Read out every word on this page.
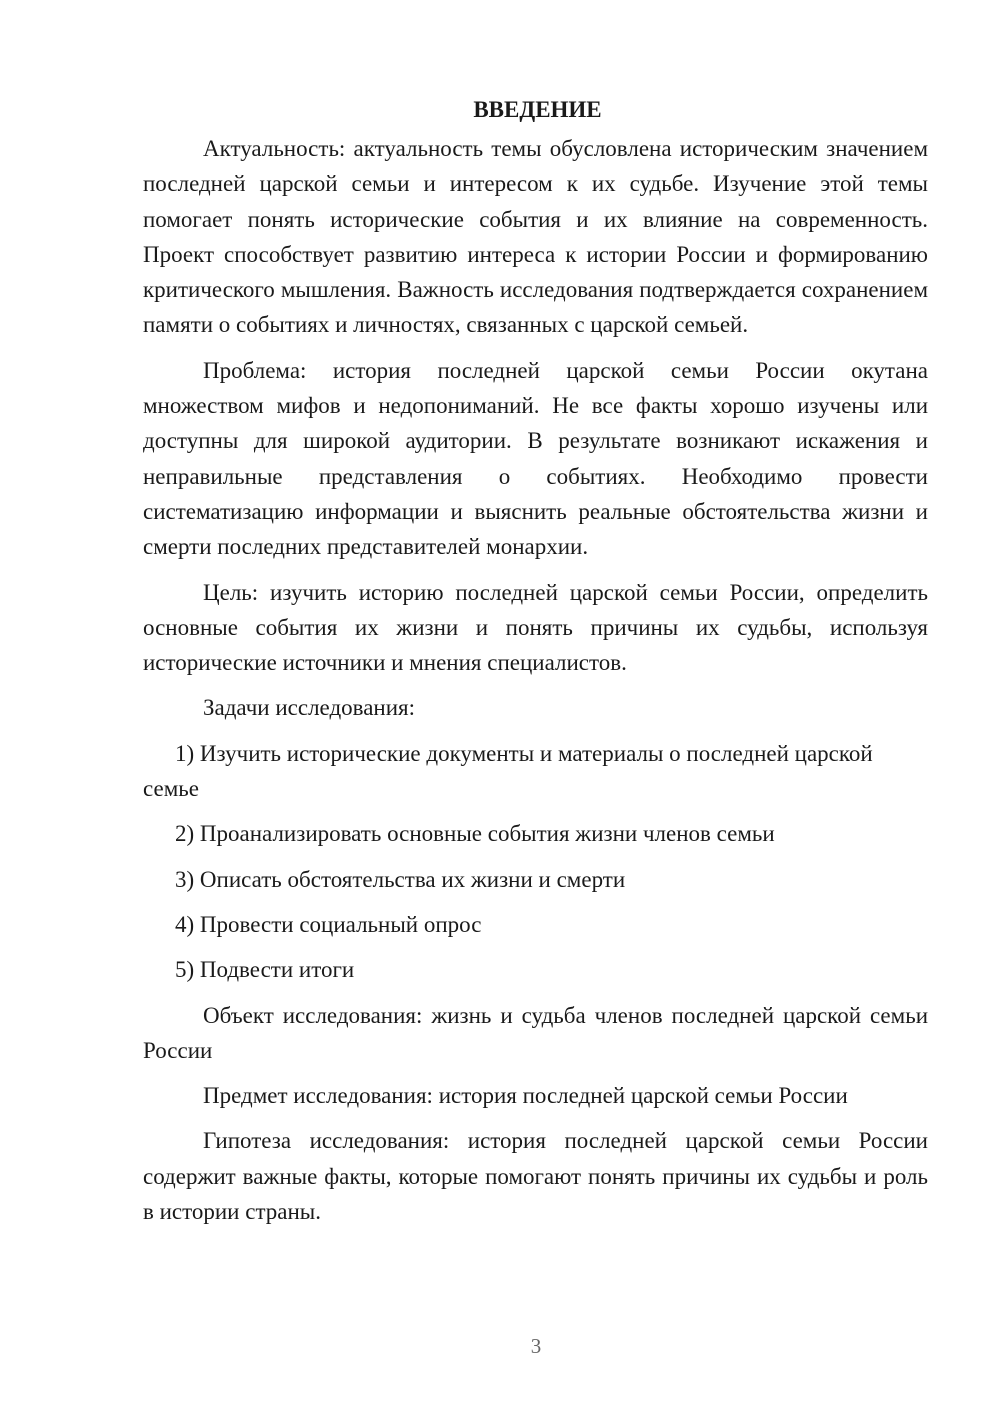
ВВЕДЕНИЕ

Актуальность: актуальность темы обусловлена историческим значением последней царской семьи и интересом к их судьбе. Изучение этой темы помогает понять исторические события и их влияние на современность. Проект способствует развитию интереса к истории России и формированию критического мышления. Важность исследования подтверждается сохранением памяти о событиях и личностях, связанных с царской семьей.

Проблема: история последней царской семьи России окутана множеством мифов и недопониманий. Не все факты хорошо изучены или доступны для широкой аудитории. В результате возникают искажения и неправильные представления о событиях. Необходимо провести систематизацию информации и выяснить реальные обстоятельства жизни и смерти последних представителей монархии.

Цель: изучить историю последней царской семьи России, определить основные события их жизни и понять причины их судьбы, используя исторические источники и мнения специалистов.

Задачи исследования:

1) Изучить исторические документы и материалы о последней царской семье

2) Проанализировать основные события жизни членов семьи

3) Описать обстоятельства их жизни и смерти

4) Провести социальный опрос

5) Подвести итоги

Объект исследования: жизнь и судьба членов последней царской семьи России

Предмет исследования: история последней царской семьи России

Гипотеза исследования: история последней царской семьи России содержит важные факты, которые помогают понять причины их судьбы и роль в истории страны.

3
